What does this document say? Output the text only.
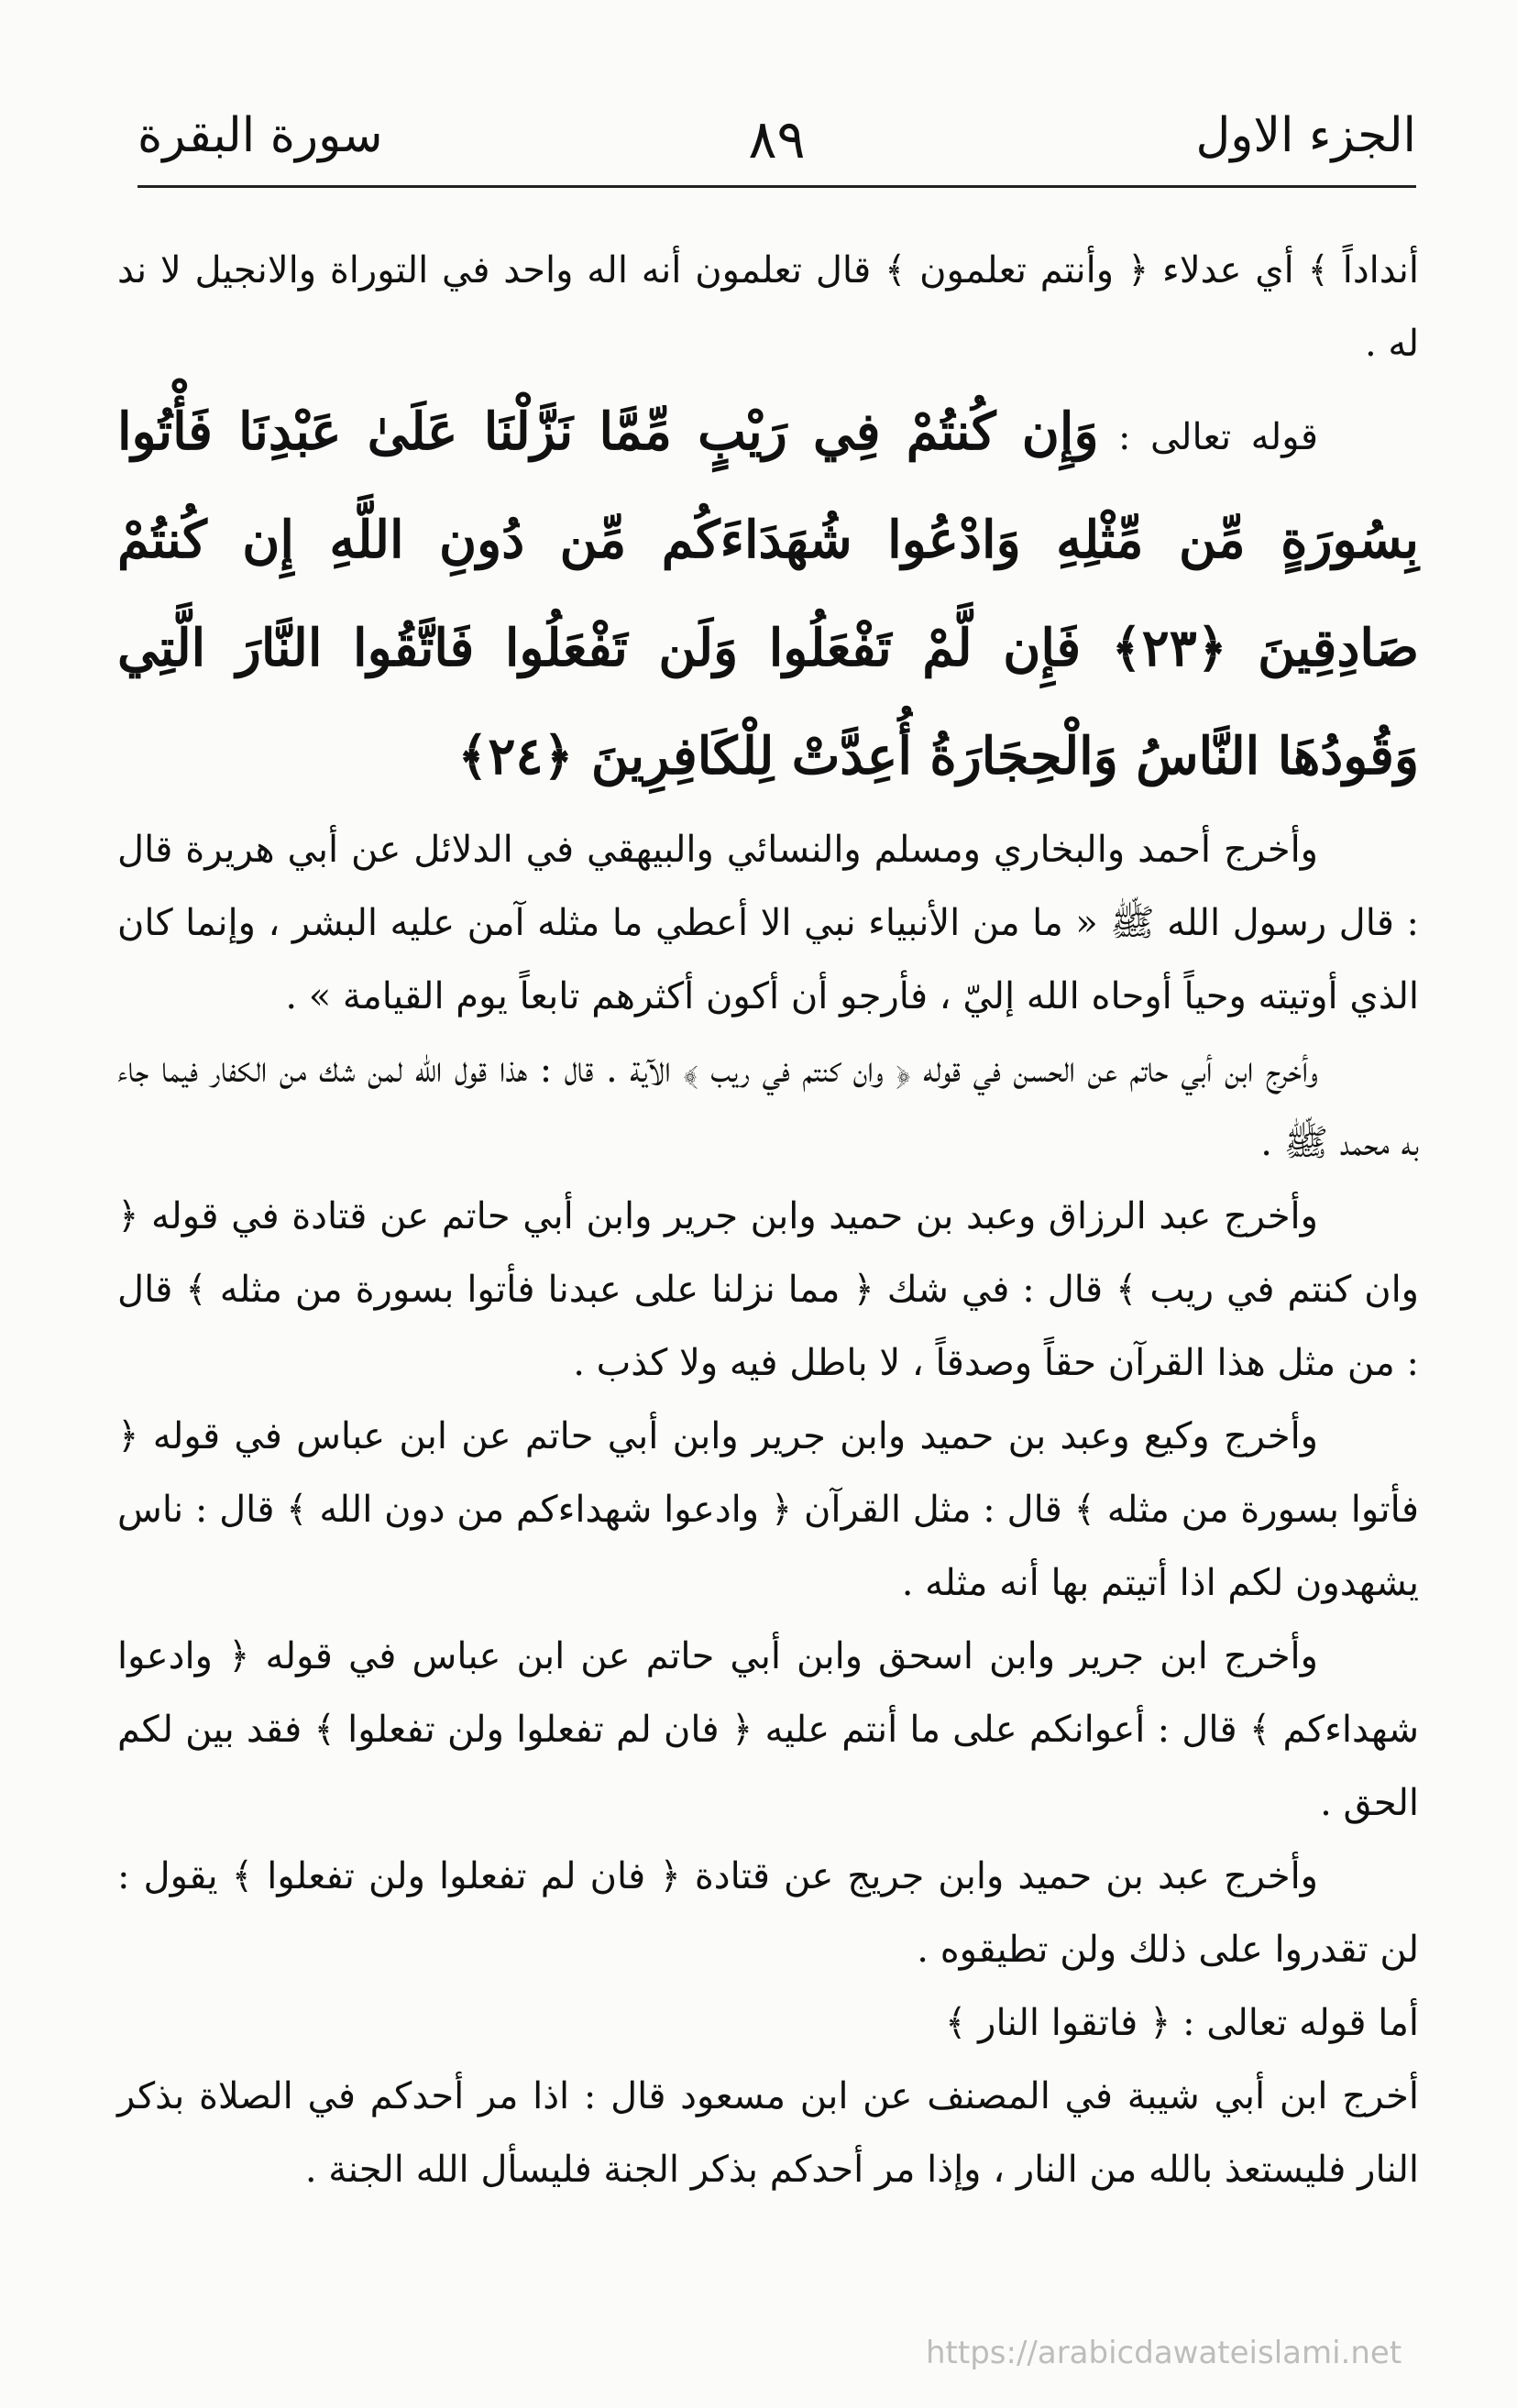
الجزء الاول
٨٩
سورة البقرة

أنداداً ﴾ أي عدلاء ﴿ وأنتم تعلمون ﴾ قال تعلمون أنه اله واحد في التوراة والانجيل لا ند له .

قوله تعالى : وَإِن كُنتُمْ فِي رَيْبٍ مِّمَّا نَزَّلْنَا عَلَىٰ عَبْدِنَا فَأْتُوا بِسُورَةٍ مِّن مِّثْلِهِ وَادْعُوا شُهَدَاءَكُم مِّن دُونِ اللَّهِ إِن كُنتُمْ صَادِقِينَ ﴿٢٣﴾ فَإِن لَّمْ تَفْعَلُوا وَلَن تَفْعَلُوا فَاتَّقُوا النَّارَ الَّتِي وَقُودُهَا النَّاسُ وَالْحِجَارَةُ أُعِدَّتْ لِلْكَافِرِينَ ﴿٢٤﴾

وأخرج أحمد والبخاري ومسلم والنسائي والبيهقي في الدلائل عن أبي هريرة قال : قال رسول الله ﷺ « ما من الأنبياء نبي الا أعطي ما مثله آمن عليه البشر ، وإنما كان الذي أوتيته وحياً أوحاه الله إليّ ، فأرجو أن أكون أكثرهم تابعاً يوم القيامة » .

وأخرج ابن أبي حاتم عن الحسن في قوله ﴿ وان كنتم في ريب ﴾ الآية . قال : هذا قول الله لمن شك من الكفار فيما جاء به محمد ﷺ .

وأخرج عبد الرزاق وعبد بن حميد وابن جرير وابن أبي حاتم عن قتادة في قوله ﴿ وان كنتم في ريب ﴾ قال : في شك ﴿ مما نزلنا على عبدنا فأتوا بسورة من مثله ﴾ قال : من مثل هذا القرآن حقاً وصدقاً ، لا باطل فيه ولا كذب .

وأخرج وكيع وعبد بن حميد وابن جرير وابن أبي حاتم عن ابن عباس في قوله ﴿ فأتوا بسورة من مثله ﴾ قال : مثل القرآن ﴿ وادعوا شهداءكم من دون الله ﴾ قال : ناس يشهدون لكم اذا أتيتم بها أنه مثله .

وأخرج ابن جرير وابن اسحق وابن أبي حاتم عن ابن عباس في قوله ﴿ وادعوا شهداءكم ﴾ قال : أعوانكم على ما أنتم عليه ﴿ فان لم تفعلوا ولن تفعلوا ﴾ فقد بين لكم الحق .

وأخرج عبد بن حميد وابن جريج عن قتادة ﴿ فان لم تفعلوا ولن تفعلوا ﴾ يقول : لن تقدروا على ذلك ولن تطيقوه .

أما قوله تعالى : ﴿ فاتقوا النار ﴾

أخرج ابن أبي شيبة في المصنف عن ابن مسعود قال : اذا مر أحدكم في الصلاة بذكر النار فليستعذ بالله من النار ، وإذا مر أحدكم بذكر الجنة فليسأل الله الجنة .

https://arabicdawateislami.net
